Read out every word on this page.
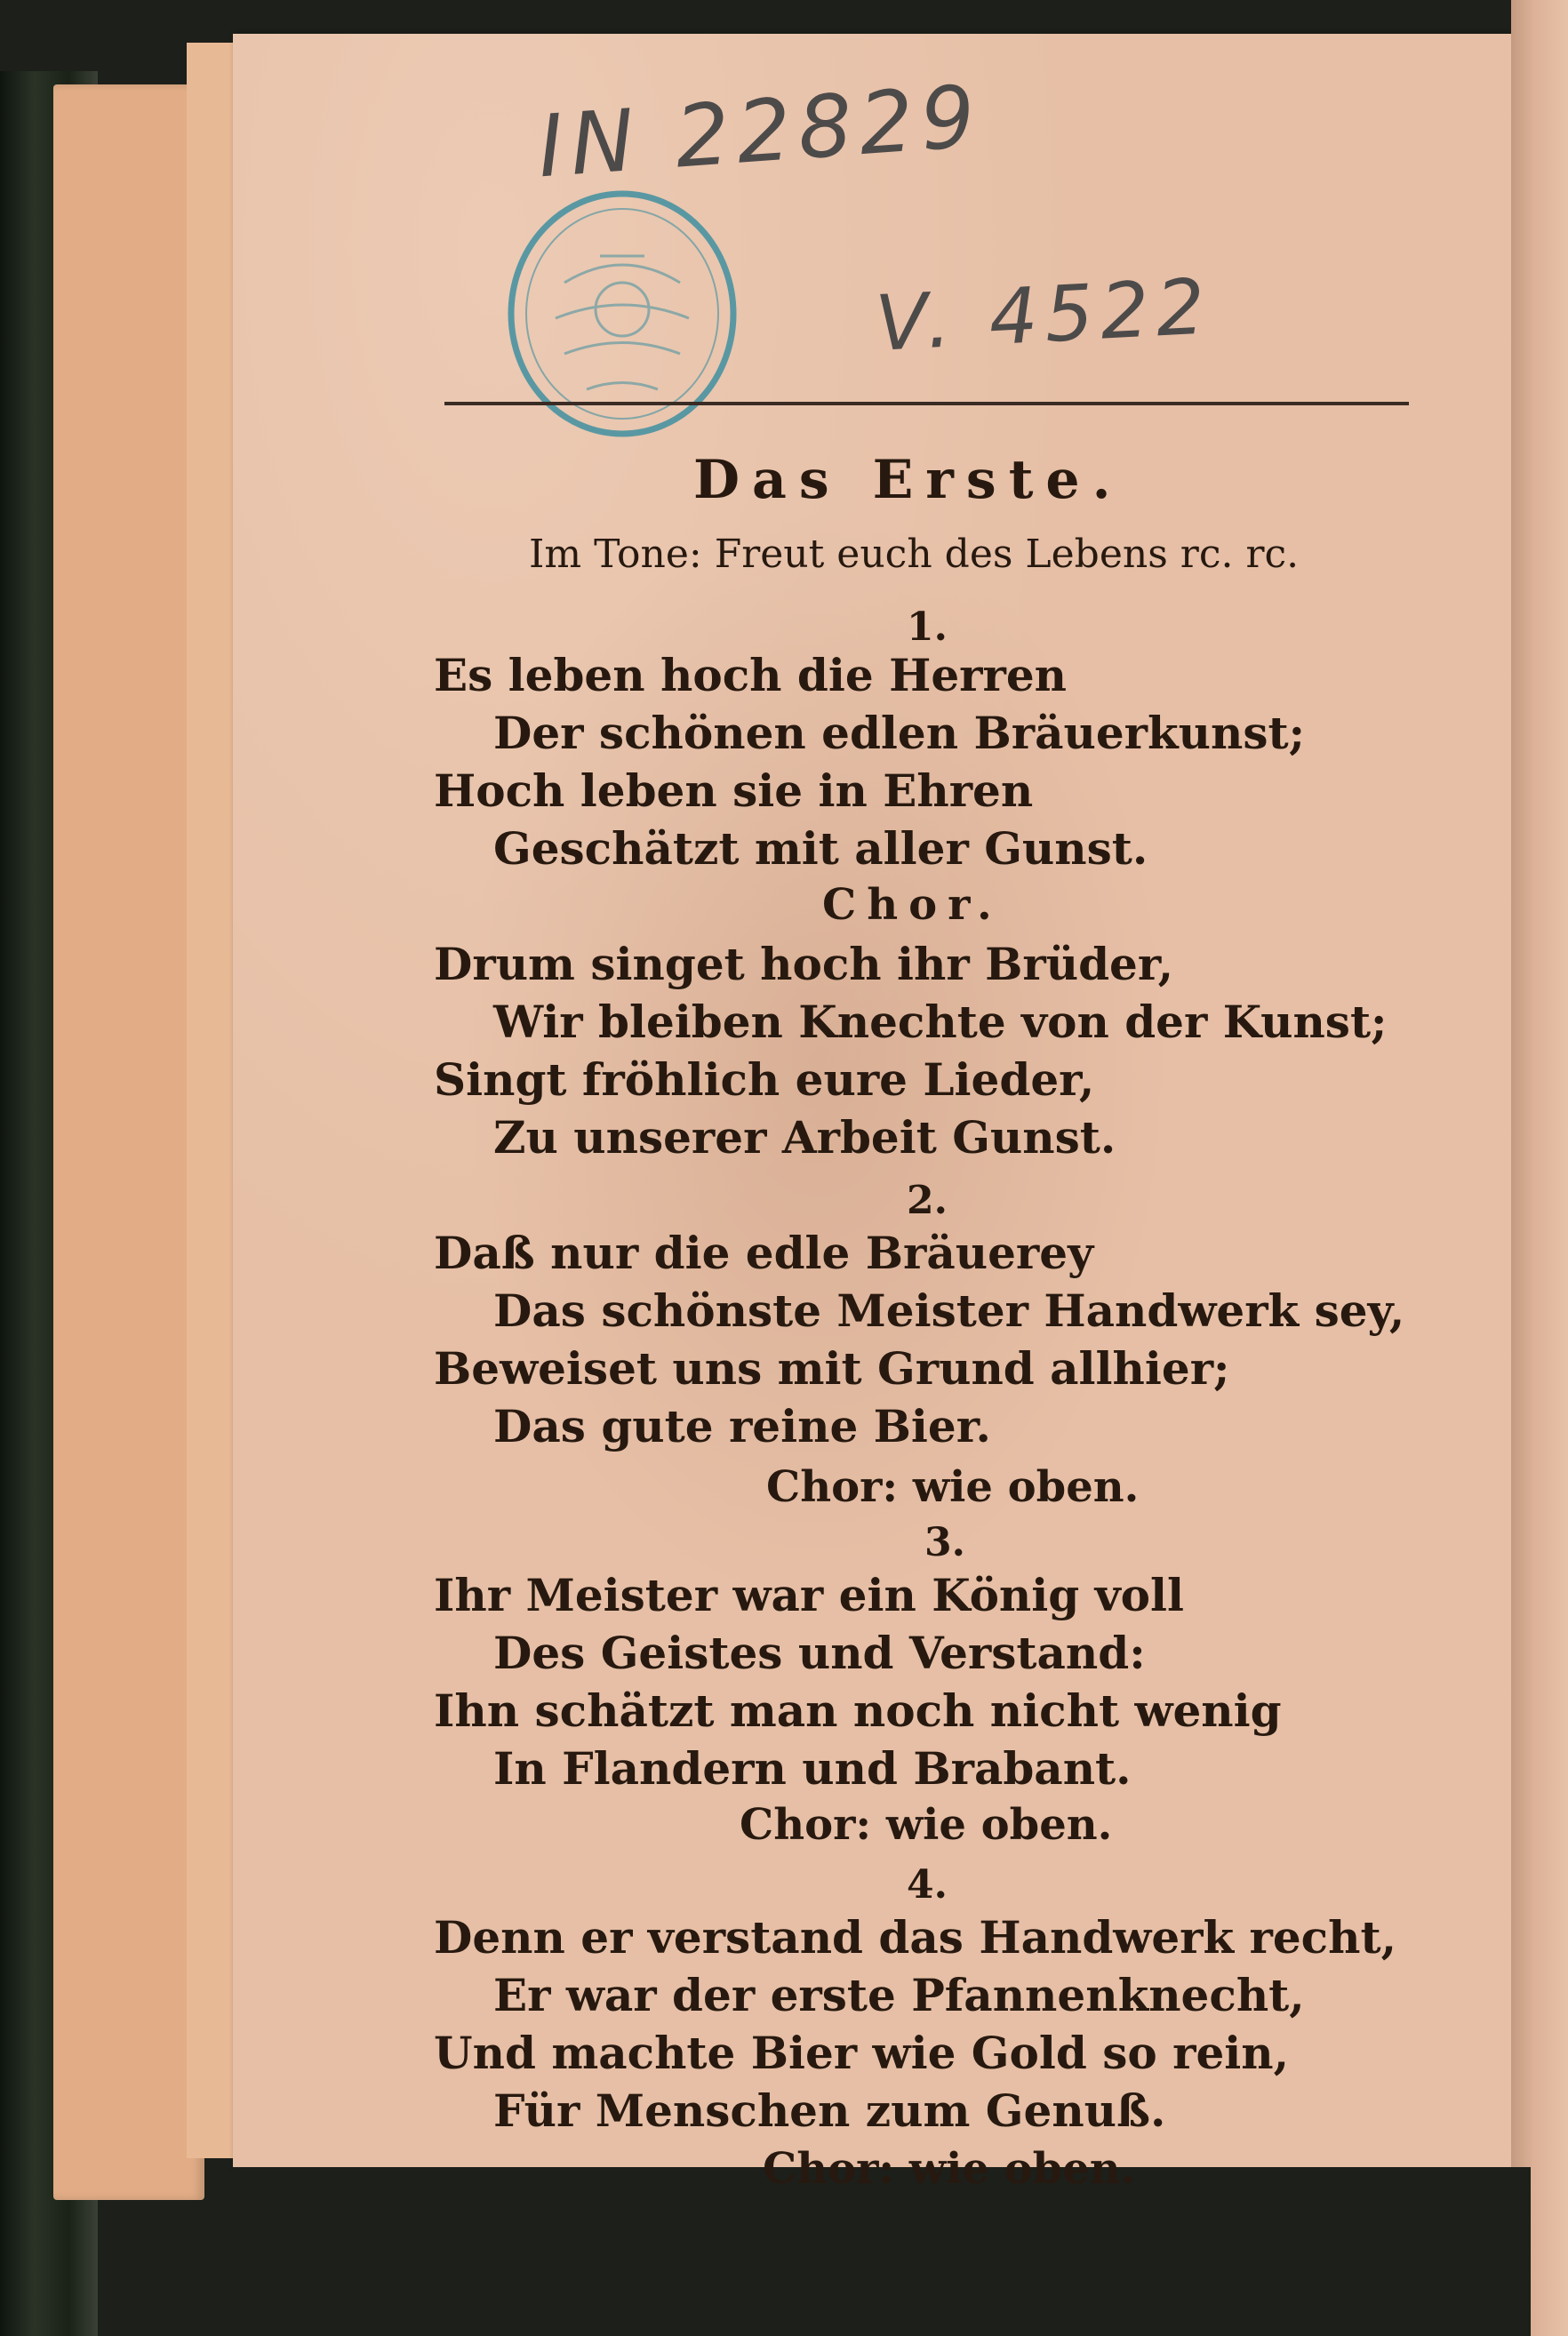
IN 22829
V. 4522
Das Erste.
Im Tone: Freut euch des Lebens rc. rc.
1.
Es leben hoch die Herren
Der schönen edlen Bräuerkunst;
Hoch leben sie in Ehren
Geschätzt mit aller Gunst.
Chor.
Drum singet hoch ihr Brüder,
Wir bleiben Knechte von der Kunst;
Singt fröhlich eure Lieder,
Zu unserer Arbeit Gunst.
2.
Daß nur die edle Bräuerey
Das schönste Meister Handwerk sey,
Beweiset uns mit Grund allhier;
Das gute reine Bier.
Chor: wie oben.
3.
Ihr Meister war ein König voll
Des Geistes und Verstand:
Ihn schätzt man noch nicht wenig
In Flandern und Brabant.
Chor: wie oben.
4.
Denn er verstand das Handwerk recht,
Er war der erste Pfannenknecht,
Und machte Bier wie Gold so rein,
Für Menschen zum Genuß.
Chor: wie oben.
